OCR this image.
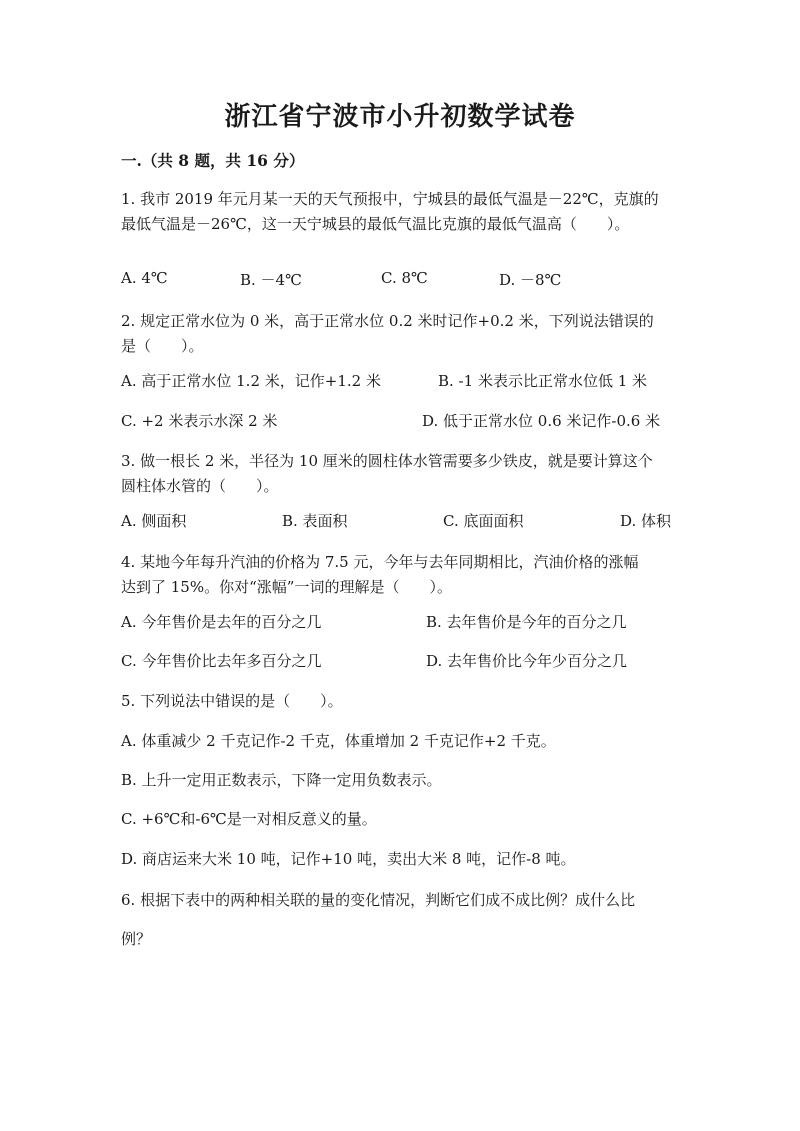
浙江省宁波市小升初数学试卷
一.（共 8 题，共 16 分）
1. 我市 2019 年元月某一天的天气预报中，宁城县的最低气温是－22℃，克旗的
最低气温是－26℃，这一天宁城县的最低气温比克旗的最低气温高（　　）。
A. 4℃	B. －4℃	C. 8℃	D. －8℃
2. 规定正常水位为 0 米，高于正常水位 0.2 米时记作+0.2 米，下列说法错误的
是（　　）。
A. 高于正常水位 1.2 米，记作+1.2 米	B. -1 米表示比正常水位低 1 米
C. +2 米表示水深 2 米	D. 低于正常水位 0.6 米记作-0.6 米
3. 做一根长 2 米，半径为 10 厘米的圆柱体水管需要多少铁皮，就是要计算这个
圆柱体水管的（　　）。
A. 侧面积	B. 表面积	C. 底面面积	D. 体积
4. 某地今年每升汽油的价格为 7.5 元，今年与去年同期相比，汽油价格的涨幅
达到了 15%。你对“涨幅”一词的理解是（　　）。
A. 今年售价是去年的百分之几	B. 去年售价是今年的百分之几
C. 今年售价比去年多百分之几	D. 去年售价比今年少百分之几
5. 下列说法中错误的是（　　）。
A. 体重减少 2 千克记作-2 千克，体重增加 2 千克记作+2 千克。
B. 上升一定用正数表示，下降一定用负数表示。
C. +6℃和-6℃是一对相反意义的量。
D. 商店运来大米 10 吨，记作+10 吨，卖出大米 8 吨，记作-8 吨。
6. 根据下表中的两种相关联的量的变化情况，判断它们成不成比例？成什么比
例？
